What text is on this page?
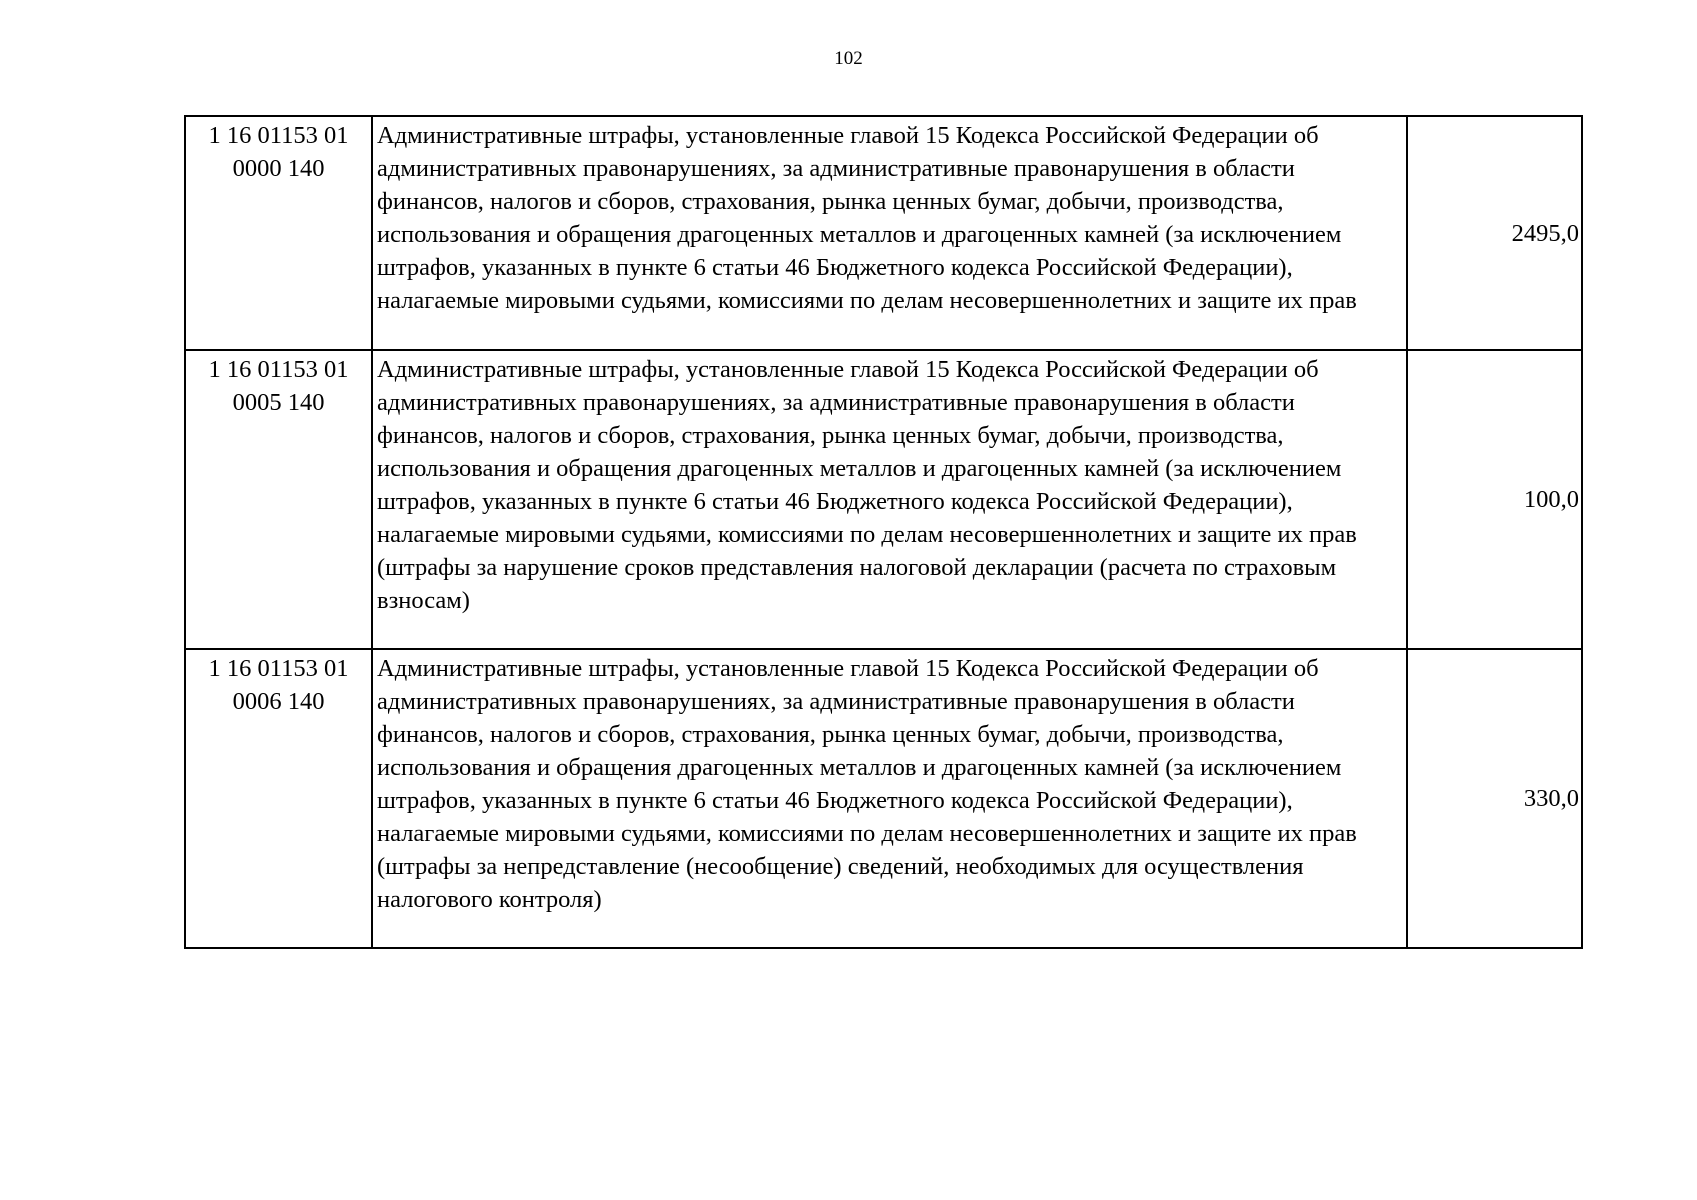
102
1 16 01153 01
0000 140	Административные штрафы, установленные главой 15 Кодекса Российской Федерации об административных правонарушениях, за административные правонарушения в области финансов, налогов и сборов, страхования, рынка ценных бумаг, добычи, производства, использования и обращения драгоценных металлов и драгоценных камней (за исключением штрафов, указанных в пункте 6 статьи 46 Бюджетного кодекса Российской Федерации), налагаемые мировыми судьями, комиссиями по делам несовершеннолетних и защите их прав	2495,0

1 16 01153 01
0005 140	Административные штрафы, установленные главой 15 Кодекса Российской Федерации об административных правонарушениях, за административные правонарушения в области финансов, налогов и сборов, страхования, рынка ценных бумаг, добычи, производства, использования и обращения драгоценных металлов и драгоценных камней (за исключением штрафов, указанных в пункте 6 статьи 46 Бюджетного кодекса Российской Федерации), налагаемые мировыми судьями, комиссиями по делам несовершеннолетних и защите их прав (штрафы за нарушение сроков представления налоговой декларации (расчета по страховым взносам)	100,0

1 16 01153 01
0006 140	Административные штрафы, установленные главой 15 Кодекса Российской Федерации об административных правонарушениях, за административные правонарушения в области финансов, налогов и сборов, страхования, рынка ценных бумаг, добычи, производства, использования и обращения драгоценных металлов и драгоценных камней (за исключением штрафов, указанных в пункте 6 статьи 46 Бюджетного кодекса Российской Федерации), налагаемые мировыми судьями, комиссиями по делам несовершеннолетних и защите их прав (штрафы за непредставление (несообщение) сведений, необходимых для осуществления налогового контроля)	330,0
